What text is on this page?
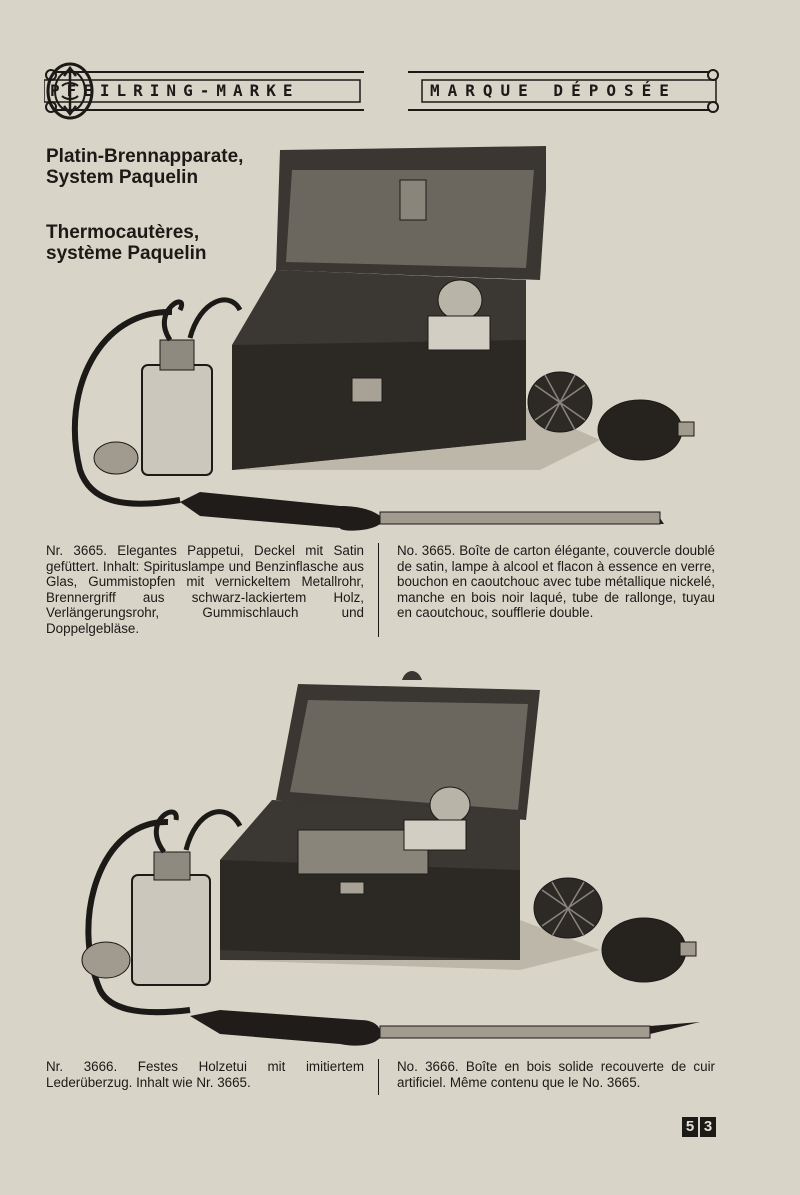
PFEILRING-MARKE	MARQUE DÉPOSÉE
Platin-Brennapparate,
System Paquelin
Thermocautères,
système Paquelin

Nr. 3665. Elegantes Pappetui, Deckel mit Satin gefüttert. Inhalt: Spirituslampe und Benzinflasche aus Glas, Gummistopfen mit vernickeltem Metallrohr, Brennergriff aus schwarz-lackiertem Holz, Verlängerungsrohr, Gummischlauch und Doppelgebläse.

No. 3665. Boîte de carton élégante, couvercle doublé de satin, lampe à alcool et flacon à essence en verre, bouchon en caoutchouc avec tube métallique nickelé, manche en bois noir laqué, tube de rallonge, tuyau en caoutchouc, soufflerie double.

Nr. 3666. Festes Holzetui mit imitiertem Lederüberzug. Inhalt wie Nr. 3665.

No. 3666. Boîte en bois solide recouverte de cuir artificiel. Même contenu que le No. 3665.

5 3
